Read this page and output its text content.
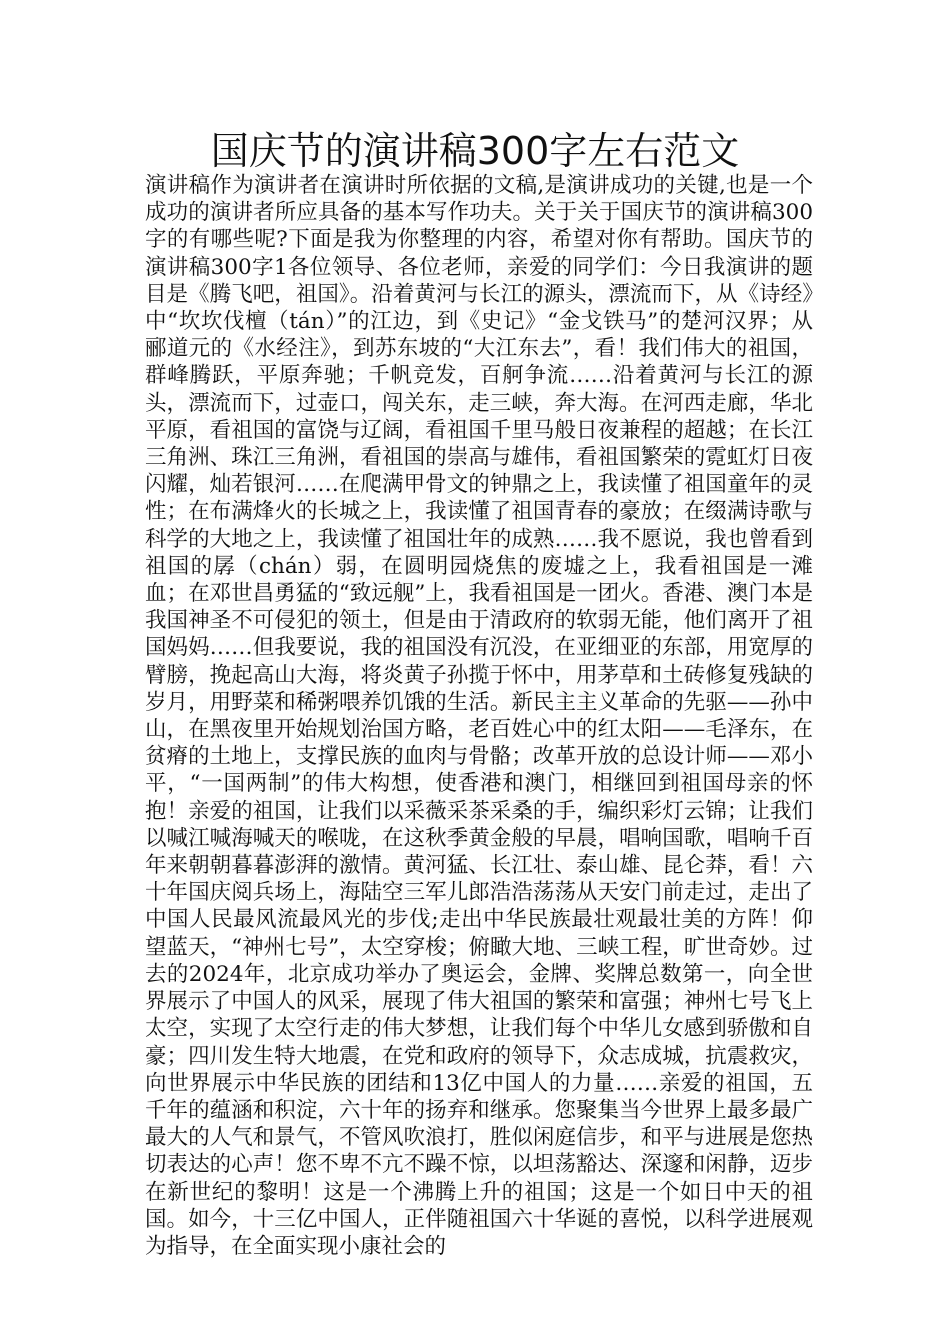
国庆节的演讲稿300字左右范文

演讲稿作为演讲者在演讲时所依据的文稿,是演讲成功的关键,也是一个成功的演讲者所应具备的基本写作功夫。关于关于国庆节的演讲稿300字的有哪些呢?下面是我为你整理的内容，希望对你有帮助。国庆节的演讲稿300字1各位领导、各位老师，亲爱的同学们：今日我演讲的题目是《腾飞吧，祖国》。沿着黄河与长江的源头，漂流而下，从《诗经》中“坎坎伐檀（tán）”的江边，到《史记》“金戈铁马”的楚河汉界；从郦道元的《水经注》，到苏东坡的“大江东去”，看！我们伟大的祖国，群峰腾跃，平原奔驰；千帆竞发，百舸争流……沿着黄河与长江的源头，漂流而下，过壶口，闯关东，走三峡，奔大海。在河西走廊，华北平原，看祖国的富饶与辽阔，看祖国千里马般日夜兼程的超越；在长江三角洲、珠江三角洲，看祖国的崇高与雄伟，看祖国繁荣的霓虹灯日夜闪耀，灿若银河……在爬满甲骨文的钟鼎之上，我读懂了祖国童年的灵性；在布满烽火的长城之上，我读懂了祖国青春的豪放；在缀满诗歌与科学的大地之上，我读懂了祖国壮年的成熟……我不愿说，我也曾看到祖国的孱（chán）弱，在圆明园烧焦的废墟之上，我看祖国是一滩血；在邓世昌勇猛的“致远舰”上，我看祖国是一团火。香港、澳门本是我国神圣不可侵犯的领土，但是由于清政府的软弱无能，他们离开了祖国妈妈……但我要说，我的祖国没有沉没，在亚细亚的东部，用宽厚的臂膀，挽起高山大海，将炎黄子孙揽于怀中，用茅草和土砖修复残缺的岁月，用野菜和稀粥喂养饥饿的生活。新民主主义革命的先驱——孙中山，在黑夜里开始规划治国方略，老百姓心中的红太阳——毛泽东，在贫瘠的土地上，支撑民族的血肉与骨骼；改革开放的总设计师——邓小平，“一国两制”的伟大构想，使香港和澳门，相继回到祖国母亲的怀抱！亲爱的祖国，让我们以采薇采茶采桑的手，编织彩灯云锦；让我们以喊江喊海喊天的喉咙，在这秋季黄金般的早晨，唱响国歌，唱响千百年来朝朝暮暮澎湃的激情。黄河猛、长江壮、泰山雄、昆仑莽，看！六十年国庆阅兵场上，海陆空三军儿郎浩浩荡荡从天安门前走过，走出了中国人民最风流最风光的步伐;走出中华民族最壮观最壮美的方阵！仰望蓝天，“神州七号”，太空穿梭；俯瞰大地、三峡工程，旷世奇妙。过去的2024年，北京成功举办了奥运会，金牌、奖牌总数第一，向全世界展示了中国人的风采，展现了伟大祖国的繁荣和富强；神州七号飞上太空，实现了太空行走的伟大梦想，让我们每个中华儿女感到骄傲和自豪；四川发生特大地震，在党和政府的领导下，众志成城，抗震救灾，向世界展示中华民族的团结和13亿中国人的力量……亲爱的祖国，五千年的蕴涵和积淀，六十年的扬弃和继承。您聚集当今世界上最多最广最大的人气和景气，不管风吹浪打，胜似闲庭信步，和平与进展是您热切表达的心声！您不卑不亢不躁不惊，以坦荡豁达、深邃和闲静，迈步在新世纪的黎明！这是一个沸腾上升的祖国；这是一个如日中天的祖国。如今，十三亿中国人，正伴随祖国六十华诞的喜悦，以科学进展观为指导，在全面实现小康社会的
